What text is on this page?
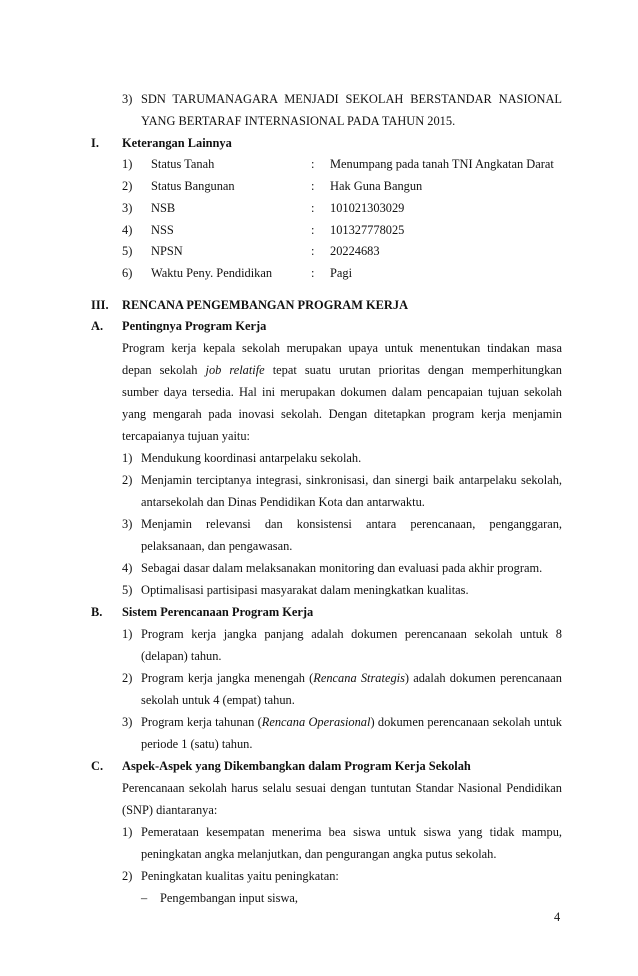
3) SDN TARUMANAGARA MENJADI SEKOLAH BERSTANDAR NASIONAL
YANG BERTARAF INTERNASIONAL PADA TAHUN 2015.
I. Keterangan Lainnya
1) Status Tanah	: Menumpang pada tanah TNI Angkatan Darat
2) Status Bangunan	: Hak Guna Bangun
3) NSB	: 101021303029
4) NSS	: 101327778025
5) NPSN	: 20224683
6) Waktu Peny. Pendidikan	: Pagi
III. RENCANA PENGEMBANGAN PROGRAM KERJA
A. Pentingnya Program Kerja
Program kerja kepala sekolah merupakan upaya untuk menentukan tindakan masa
depan sekolah job relatife tepat suatu urutan prioritas dengan memperhitungkan
sumber daya tersedia. Hal ini merupakan dokumen dalam pencapaian tujuan sekolah
yang mengarah pada inovasi sekolah. Dengan ditetapkan program kerja menjamin
tercapaianya tujuan yaitu:
1) Mendukung koordinasi antarpelaku sekolah.
2) Menjamin terciptanya integrasi, sinkronisasi, dan sinergi baik antarpelaku sekolah,
antarsekolah dan Dinas Pendidikan Kota dan antarwaktu.
3) Menjamin relevansi dan konsistensi antara perencanaan, penganggaran,
pelaksanaan, dan pengawasan.
4) Sebagai dasar dalam melaksanakan monitoring dan evaluasi pada akhir program.
5) Optimalisasi partisipasi masyarakat dalam meningkatkan kualitas.
B. Sistem Perencanaan Program Kerja
1) Program kerja jangka panjang adalah dokumen perencanaan sekolah untuk 8
(delapan) tahun.
2) Program kerja jangka menengah (Rencana Strategis) adalah dokumen perencanaan
sekolah untuk 4 (empat) tahun.
3) Program kerja tahunan (Rencana Operasional) dokumen perencanaan sekolah untuk
periode 1 (satu) tahun.
C. Aspek-Aspek yang Dikembangkan dalam Program Kerja Sekolah
Perencanaan sekolah harus selalu sesuai dengan tuntutan Standar Nasional Pendidikan
(SNP) diantaranya:
1) Pemerataan kesempatan menerima bea siswa untuk siswa yang tidak mampu,
peningkatan angka melanjutkan, dan pengurangan angka putus sekolah.
2) Peningkatan kualitas yaitu peningkatan:
– Pengembangan input siswa,
4
